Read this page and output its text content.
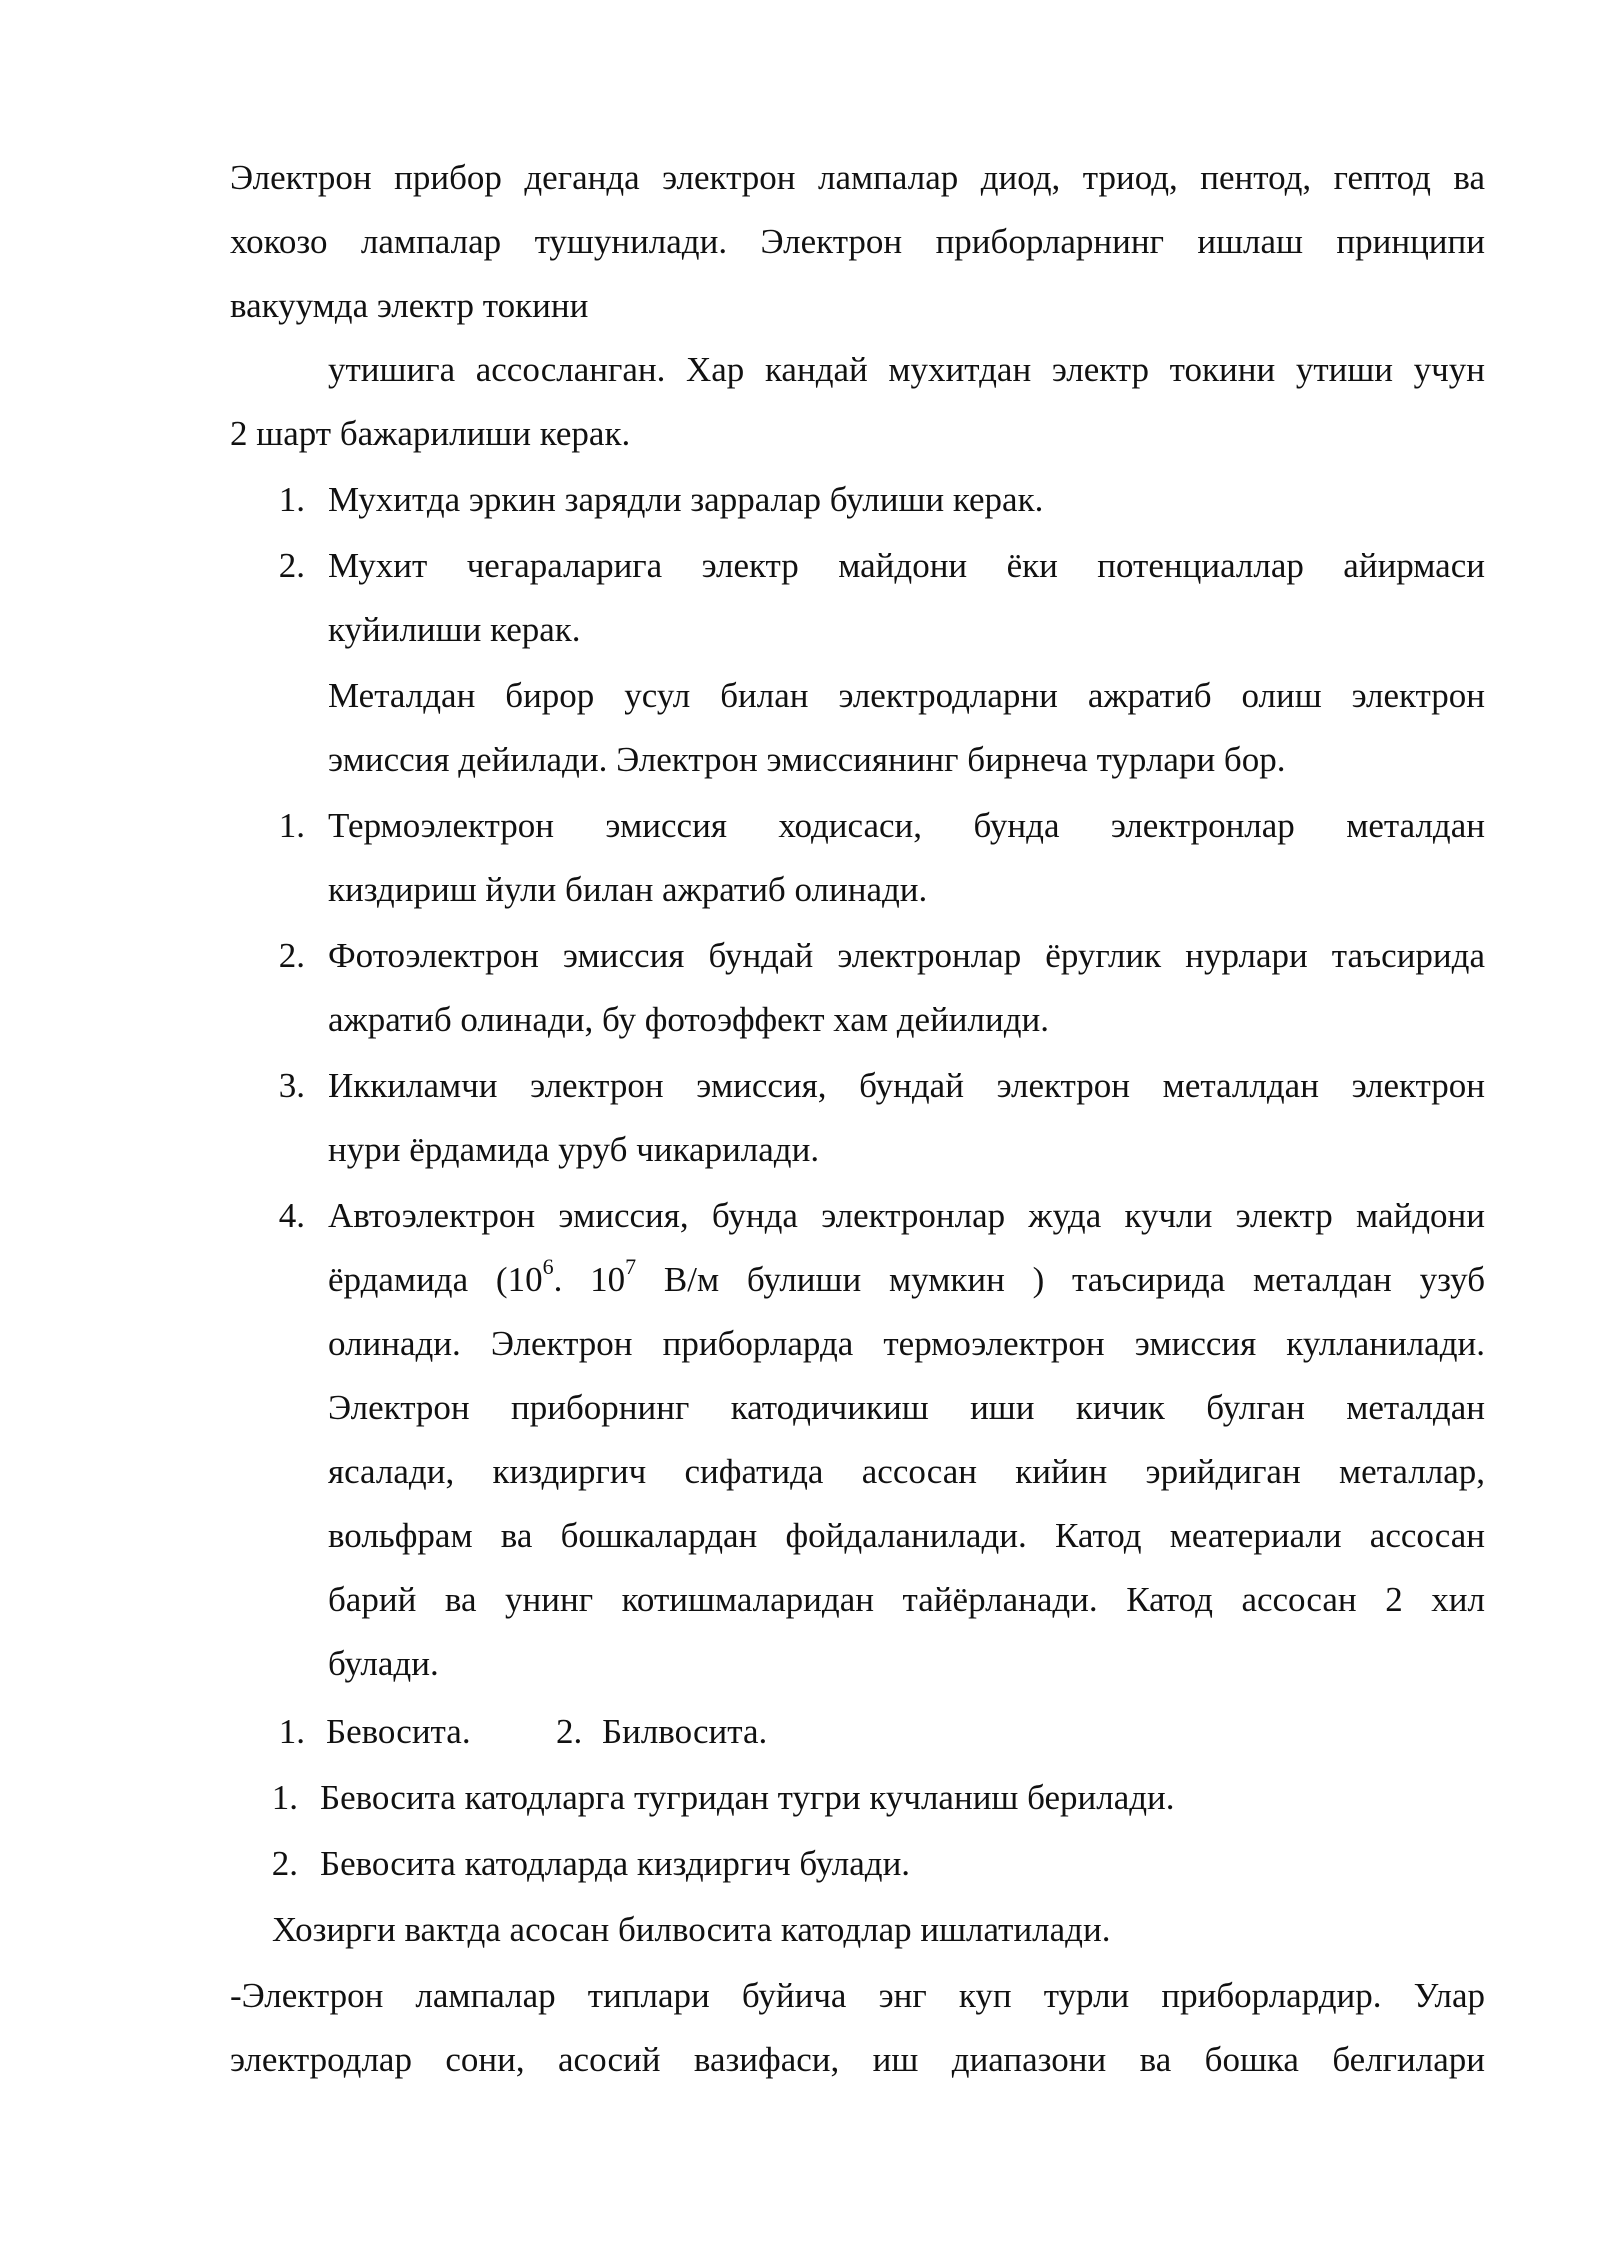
Электрон прибор деганда электрон лампалар диод, триод, пентод, гептод ва
хокозо лампалар тушунилади. Электрон приборларнинг ишлаш принципи
вакуумда электр токини
утишига ассосланган. Хар кандай мухитдан электр токини утиши учун
2 шарт бажарилиши керак.
1. Мухитда эркин зарядли зарралар булиши керак.
2. Мухит чегараларига электр майдони ёки потенциаллар айирмаси
куйилиши керак.
Металдан бирор усул билан электродларни ажратиб олиш электрон
эмиссия дейилади. Электрон эмиссиянинг бирнеча турлари бор.
1. Термоэлектрон эмиссия ходисаси, бунда электронлар металдан
киздириш йули билан ажратиб олинади.
2. Фотоэлектрон эмиссия бундай электронлар ёруглик нурлари таъсирида
ажратиб олинади, бу фотоэффект хам дейилиди.
3. Иккиламчи электрон эмиссия, бундай электрон металлдан электрон
нури ёрдамида уруб чикарилади.
4. Автоэлектрон эмиссия, бунда электронлар жуда кучли электр майдони
ёрдамида ($10^6$. $10^7$ В/м булиши мумкин ) таъсирида металдан узуб
олинади. Электрон приборларда термоэлектрон эмиссия кулланилади.
Электрон приборнинг катодичикиш иши кичик булган металдан
ясалади, киздиргич сифатида ассосан кийин эрийдиган металлар,
вольфрам ва бошкалардан фойдаланилади. Катод меатериали ассосан
барий ва унинг котишмаларидан тайёрланади. Катод ассосан 2 хил
булади.
1. Бевосита. 2. Билвосита.
1. Бевосита катодларга тугридан тугри кучланиш берилади.
2. Бевосита катодларда киздиргич булади.
Хозирги вактда асосан билвосита катодлар ишлатилади.
-Электрон лампалар типлари буйича энг куп турли приборлардир. Улар
электродлар сони, асосий вазифаси, иш диапазони ва бошка белгилари
